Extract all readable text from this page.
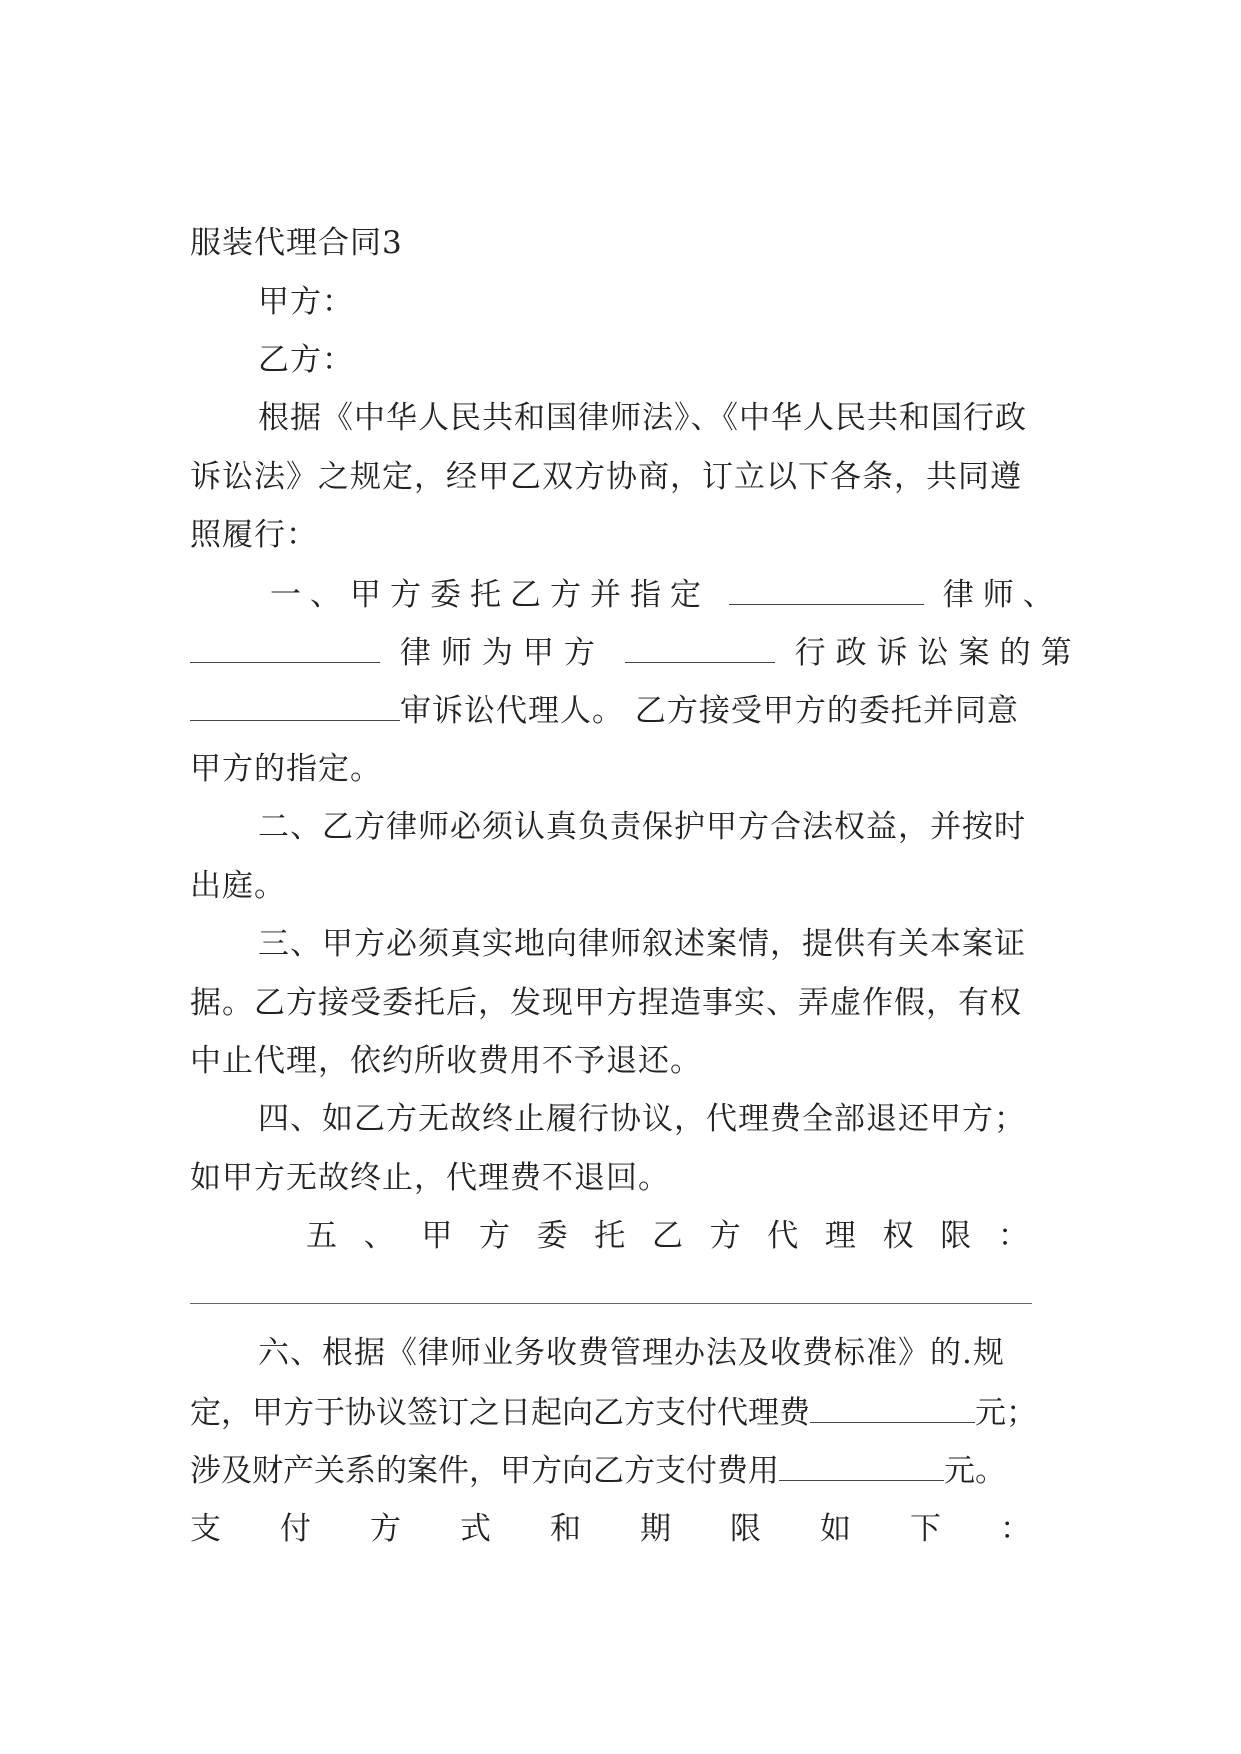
服装代理合同3
甲方：
乙方：
根据《中华人民共和国律师法》、《中华人民共和国行政
诉讼法》之规定，经甲乙双方协商，订立以下各条，共同遵
照履行：
一、甲方委托乙方并指定	律师、
律师为甲方	行政诉讼案的第
审诉讼代理人。 乙方接受甲方的委托并同意
甲方的指定。
二、乙方律师必须认真负责保护甲方合法权益，并按时
出庭。
三、甲方必须真实地向律师叙述案情，提供有关本案证
据。乙方接受委托后，发现甲方捏造事实、弄虚作假，有权
中止代理，依约所收费用不予退还。
四、如乙方无故终止履行协议，代理费全部退还甲方；
如甲方无故终止，代理费不退回。
五 、 甲 方 委 托 乙 方 代 理 权 限 ：
六、根据《律师业务收费管理办法及收费标准》的.规
定，甲方于协议签订之日起向乙方支付代理费	元；
涉及财产关系的案件，甲方向乙方支付费用	元。
支 付 方 式 和 期 限 如 下 ：
